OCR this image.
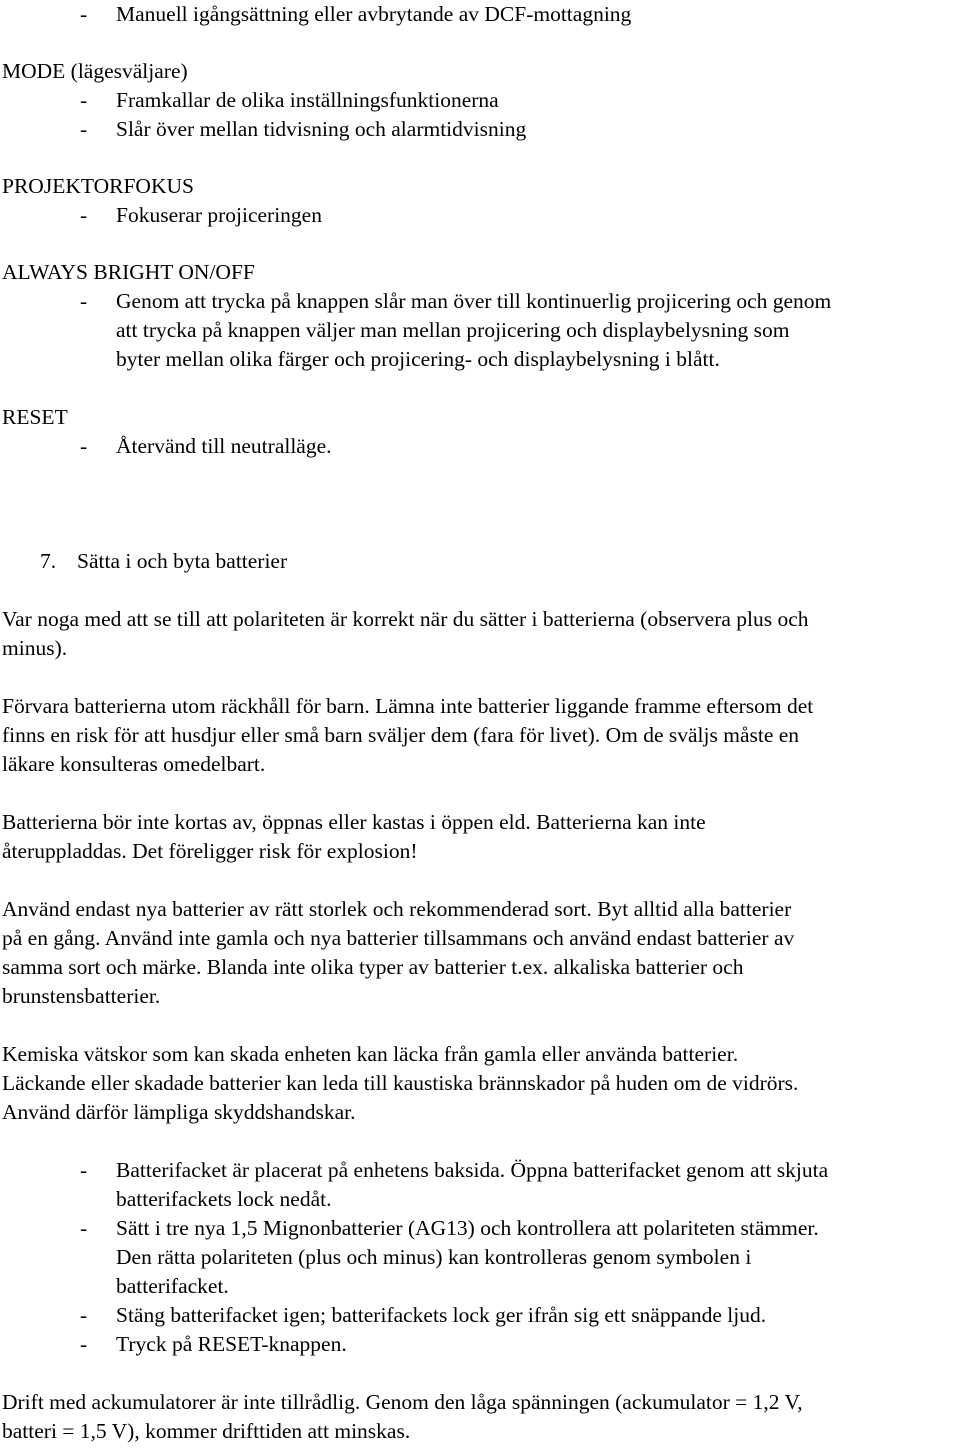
- Manuell igångsättning eller avbrytande av DCF-mottagning
MODE (lägesväljare)
- Framkallar de olika inställningsfunktionerna
- Slår över mellan tidvisning och alarmtidvisning
PROJEKTORFOKUS
- Fokuserar projiceringen
ALWAYS BRIGHT ON/OFF
- Genom att trycka på knappen slår man över till kontinuerlig projicering och genom
att trycka på knappen väljer man mellan projicering och displaybelysning som
byter mellan olika färger och projicering- och displaybelysning i blått.
RESET
- Återvänd till neutralläge.
7. Sätta i och byta batterier
Var noga med att se till att polariteten är korrekt när du sätter i batterierna (observera plus och
minus).
Förvara batterierna utom räckhåll för barn. Lämna inte batterier liggande framme eftersom det
finns en risk för att husdjur eller små barn sväljer dem (fara för livet). Om de sväljs måste en
läkare konsulteras omedelbart.
Batterierna bör inte kortas av, öppnas eller kastas i öppen eld. Batterierna kan inte
återuppladdas. Det föreligger risk för explosion!
Använd endast nya batterier av rätt storlek och rekommenderad sort. Byt alltid alla batterier
på en gång. Använd inte gamla och nya batterier tillsammans och använd endast batterier av
samma sort och märke. Blanda inte olika typer av batterier t.ex. alkaliska batterier och
brunstensbatterier.
Kemiska vätskor som kan skada enheten kan läcka från gamla eller använda batterier.
Läckande eller skadade batterier kan leda till kaustiska brännskador på huden om de vidrörs.
Använd därför lämpliga skyddshandskar.
- Batterifacket är placerat på enhetens baksida. Öppna batterifacket genom att skjuta
batterifackets lock nedåt.
- Sätt i tre nya 1,5 Mignonbatterier (AG13) och kontrollera att polariteten stämmer.
Den rätta polariteten (plus och minus) kan kontrolleras genom symbolen i
batterifacket.
- Stäng batterifacket igen; batterifackets lock ger ifrån sig ett snäppande ljud.
- Tryck på RESET-knappen.
Drift med ackumulatorer är inte tillrådlig. Genom den låga spänningen (ackumulator = 1,2 V,
batteri = 1,5 V), kommer drifttiden att minskas.
